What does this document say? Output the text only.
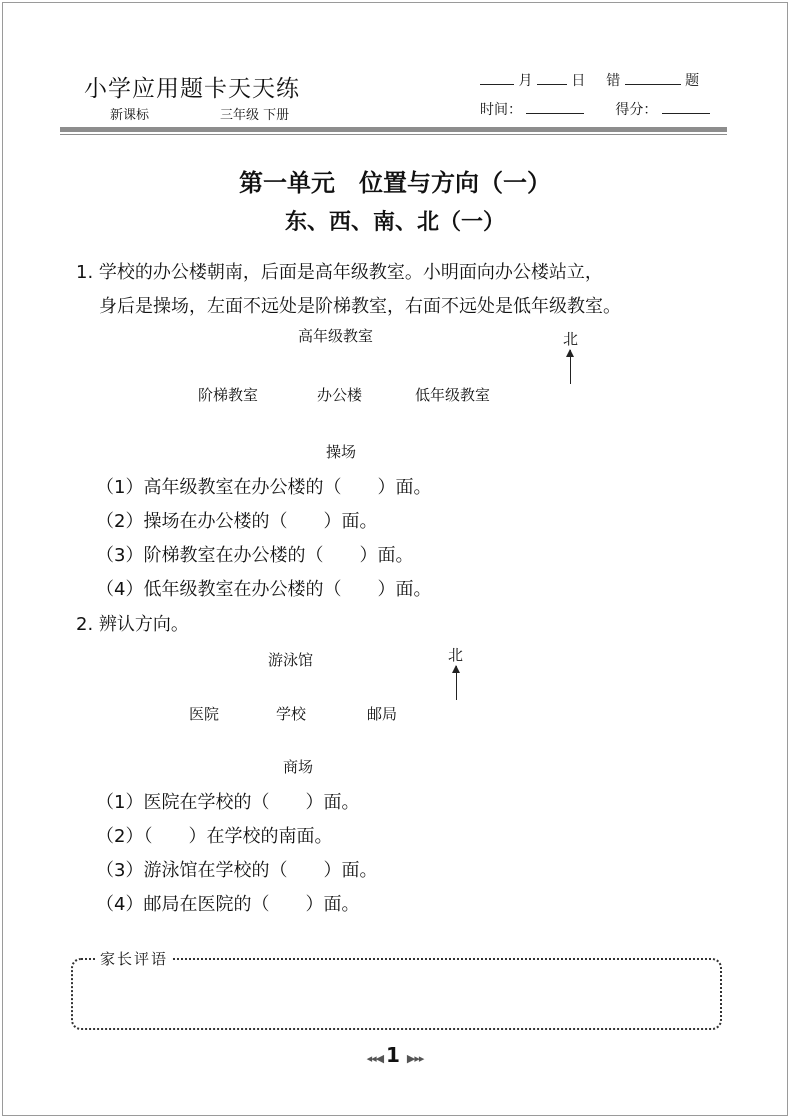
小学应用题卡天天练
新课标	三年级 下册
月	日 错	题
时间：	得分：
第一单元　位置与方向（一）
东、西、南、北（一）
1. 学校的办公楼朝南，后面是高年级教室。小明面向办公楼站立，
身后是操场，左面不远处是阶梯教室，右面不远处是低年级教室。
高年级教室
阶梯教室	办公楼	低年级教室
操场
北
（1）高年级教室在办公楼的（　　）面。
（2）操场在办公楼的（　　）面。
（3）阶梯教室在办公楼的（　　）面。
（4）低年级教室在办公楼的（　　）面。
2. 辨认方向。
游泳馆
医院	学校	邮局
商场
北
（1）医院在学校的（　　）面。
（2）（　　）在学校的南面。
（3）游泳馆在学校的（　　）面。
（4）邮局在医院的（　　）面。
家长评语
◂◂◀ 1 ▶▸▸
